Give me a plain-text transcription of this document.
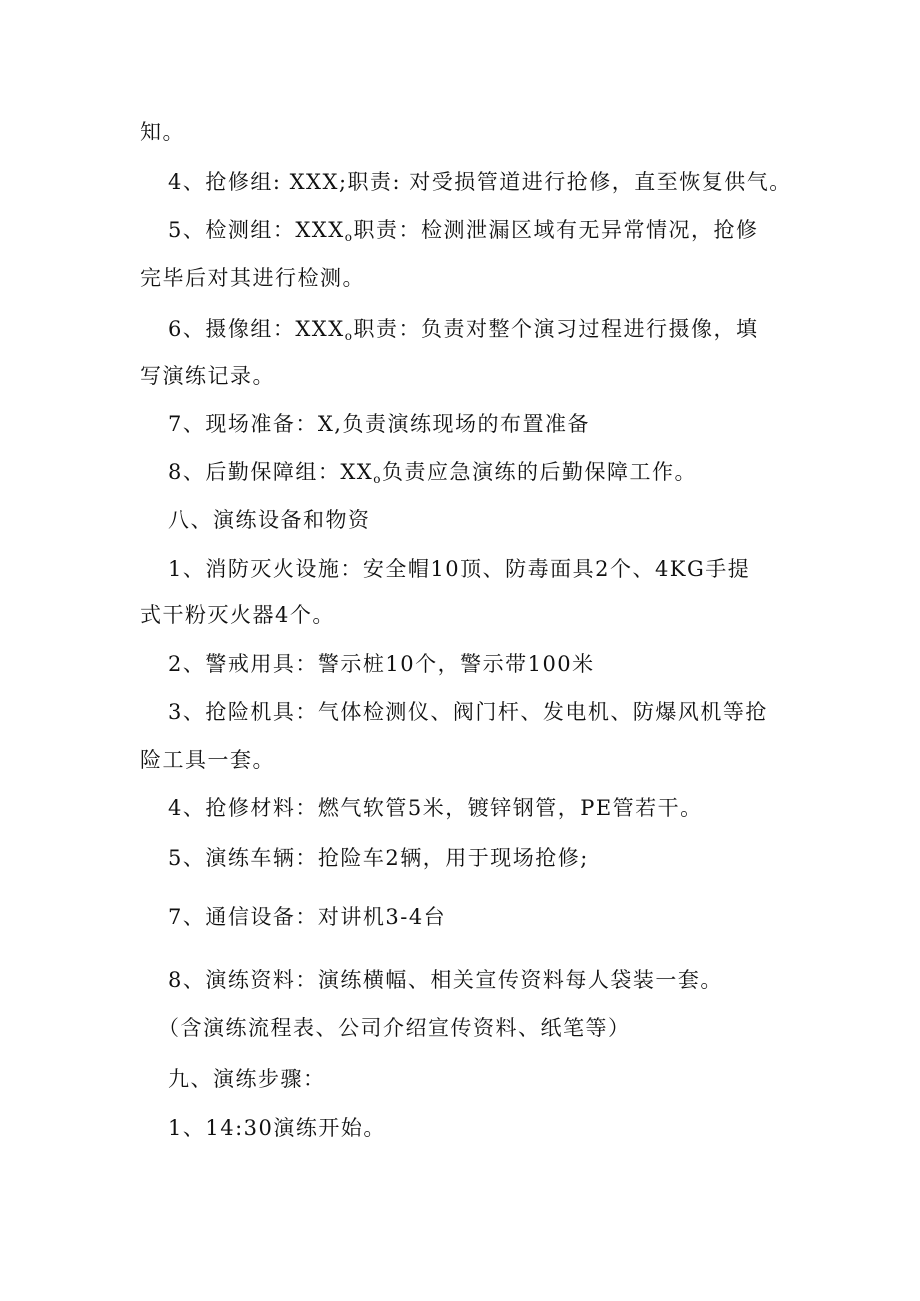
知。
4、抢修组: XXX;职责: 对受损管道进行抢修，直至恢复供气。
5、检测组：$XXX_o$职责：检测泄漏区域有无异常情况，抢修
完毕后对其进行检测。
6、摄像组：$XXX_o$职责：负责对整个演习过程进行摄像，填
写演练记录。
7、现场准备：X,负责演练现场的布置准备
8、后勤保障组：$XX_o$负责应急演练的后勤保障工作。
八、演练设备和物资
1、消防灭火设施：安全帽10顶、防毒面具2个、4KG手提
式干粉灭火器4个。
2、警戒用具：警示桩10个，警示带100米
3、抢险机具：气体检测仪、阀门杆、发电机、防爆风机等抢
险工具一套。
4、抢修材料：燃气软管5米，镀锌钢管，PE管若干。
5、演练车辆：抢险车2辆，用于现场抢修;
7、通信设备：对讲机3-4台
8、演练资料：演练横幅、相关宣传资料每人袋装一套。
（含演练流程表、公司介绍宣传资料、纸笔等）
九、演练步骤：
1、14:30演练开始。
